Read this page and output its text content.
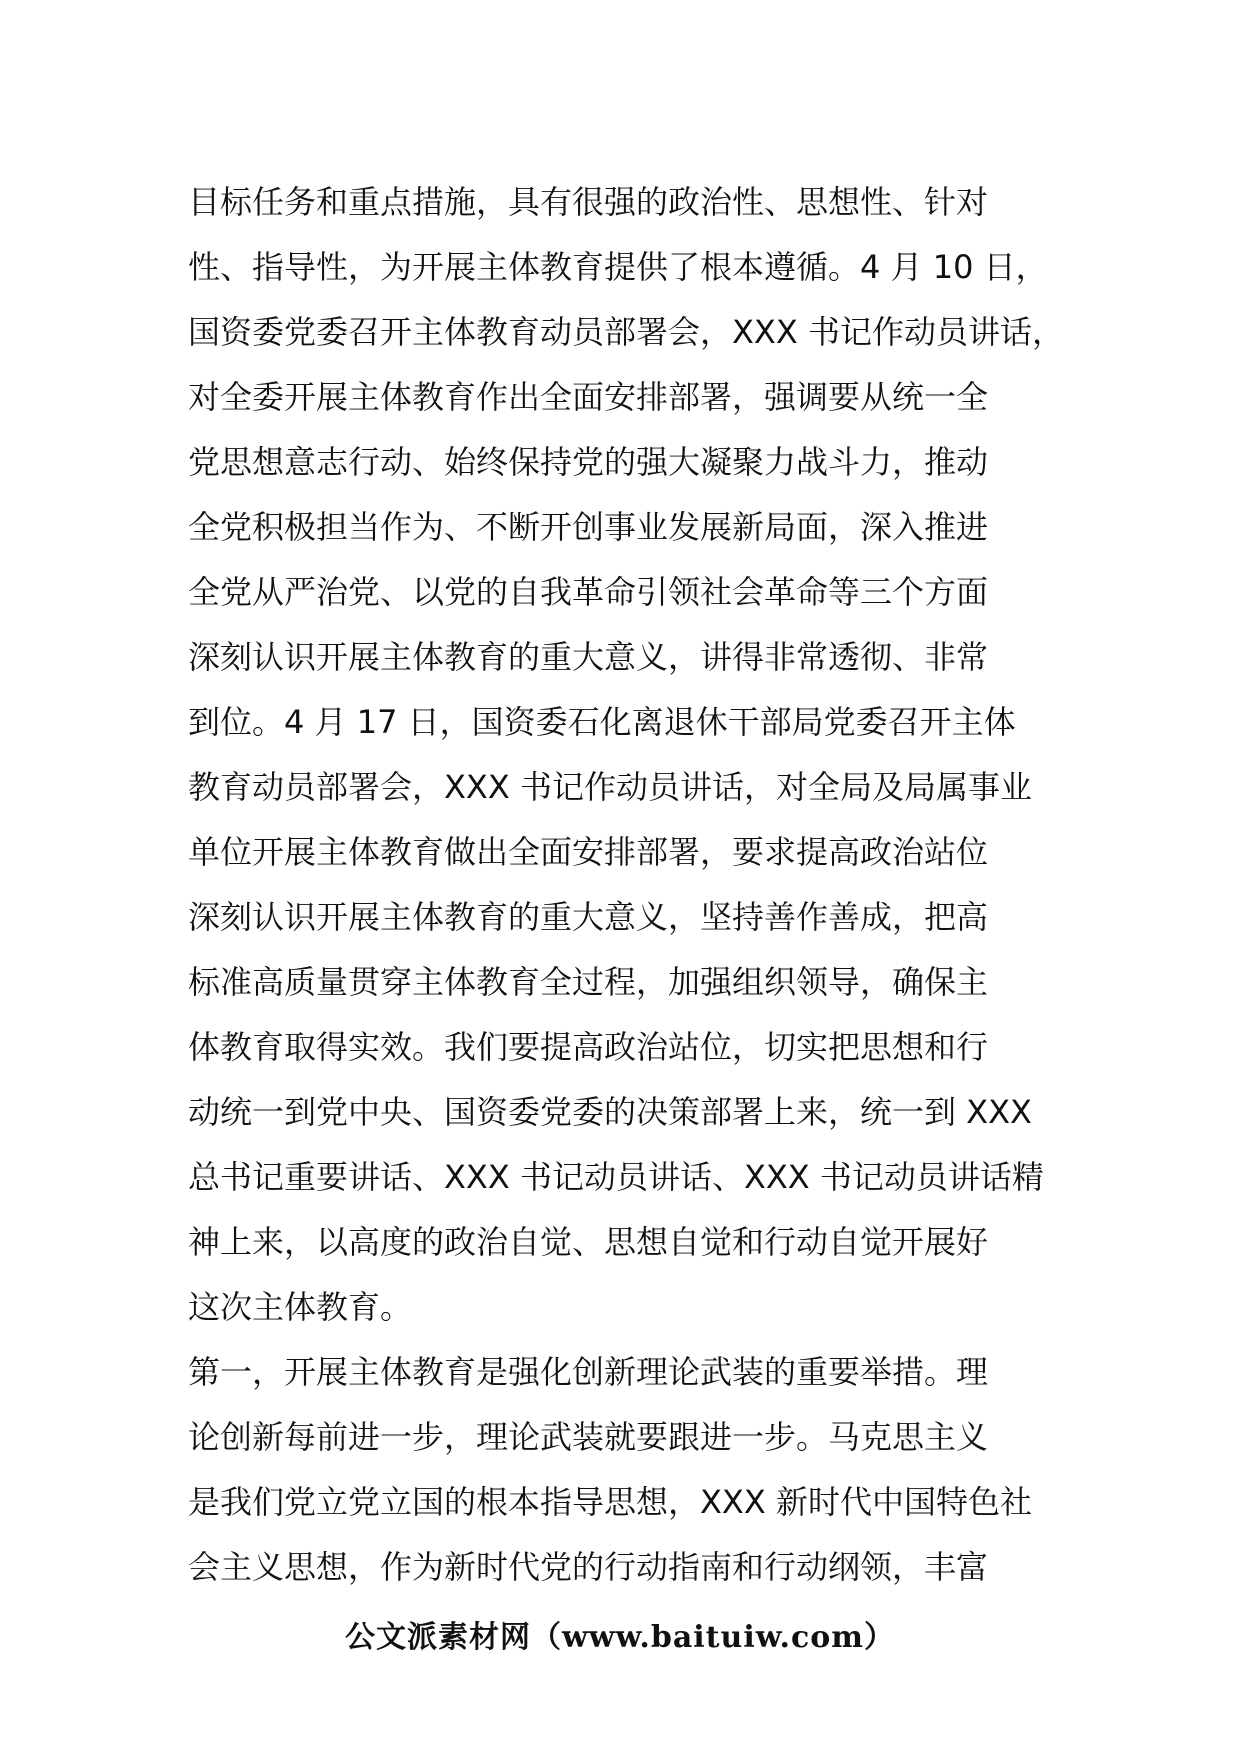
目标任务和重点措施，具有很强的政治性、思想性、针对
性、指导性，为开展主体教育提供了根本遵循。4 月 10 日，
国资委党委召开主体教育动员部署会，XXX 书记作动员讲话，
对全委开展主体教育作出全面安排部署，强调要从统一全
党思想意志行动、始终保持党的强大凝聚力战斗力，推动
全党积极担当作为、不断开创事业发展新局面，深入推进
全党从严治党、以党的自我革命引领社会革命等三个方面
深刻认识开展主体教育的重大意义，讲得非常透彻、非常
到位。4 月 17 日，国资委石化离退休干部局党委召开主体
教育动员部署会，XXX 书记作动员讲话，对全局及局属事业
单位开展主体教育做出全面安排部署，要求提高政治站位
深刻认识开展主体教育的重大意义，坚持善作善成，把高
标准高质量贯穿主体教育全过程，加强组织领导，确保主
体教育取得实效。我们要提高政治站位，切实把思想和行
动统一到党中央、国资委党委的决策部署上来，统一到 XXX
总书记重要讲话、XXX 书记动员讲话、XXX 书记动员讲话精
神上来，以高度的政治自觉、思想自觉和行动自觉开展好
这次主体教育。
第一，开展主体教育是强化创新理论武装的重要举措。理
论创新每前进一步，理论武装就要跟进一步。马克思主义
是我们党立党立国的根本指导思想，XXX 新时代中国特色社
会主义思想，作为新时代党的行动指南和行动纲领，丰富
公文派素材网（www.baituiw.com）
